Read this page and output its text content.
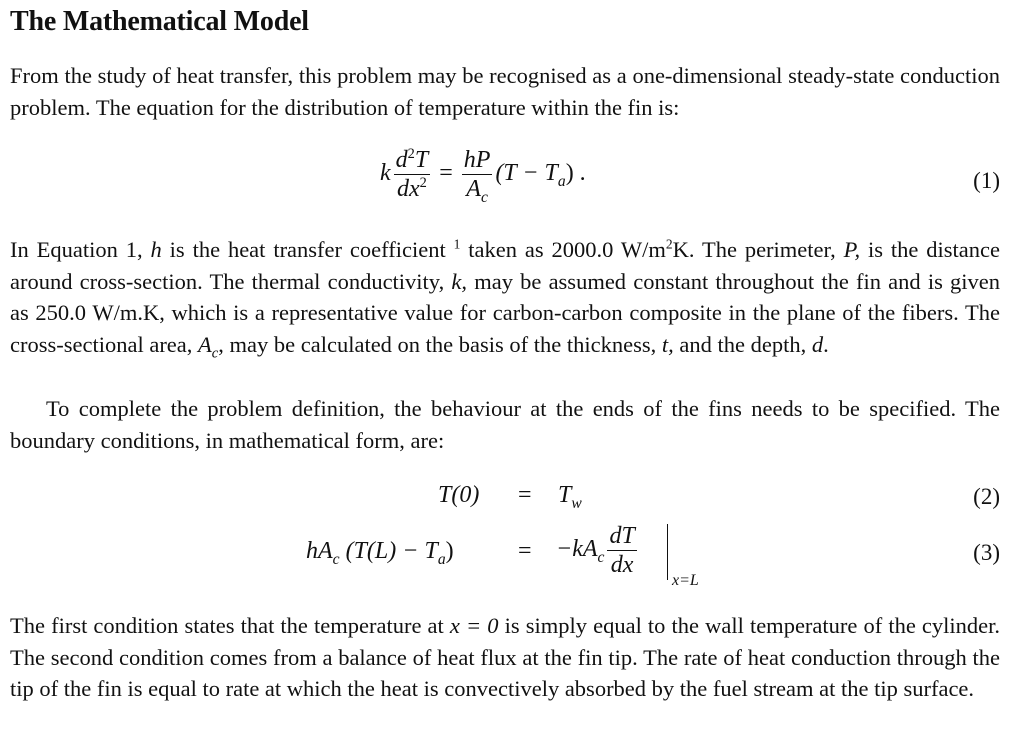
The Mathematical Model

From the study of heat transfer, this problem may be recognised as a one-dimensional steady-state conduction problem. The equation for the distribution of temperature within the fin is:

k $\frac{d^2T}{dx^2} = \frac{hP}{A_c} (T - T_a)$ .	(1)

In Equation 1, h is the heat transfer coefficient $^1$ taken as 2000.0 $W/m^2K$. The perimeter, P, is the distance around cross-section. The thermal conductivity, k, may be assumed constant throughout the fin and is given as 250.0 W/m.K, which is a representative value for carbon-carbon composite in the plane of the fibers. The cross-sectional area, $A_c$, may be calculated on the basis of the thickness, t, and the depth, d.

To complete the problem definition, the behaviour at the ends of the fins needs to be specified. The boundary conditions, in mathematical form, are:

$T(0) = T_w$	(2)
$hA_c$ $(T(L) - T_a)$	= $-kA_c \frac{dT}{dx}$
x=L
(3)

The first condition states that the temperature at x = 0 is simply equal to the wall temperature of the cylinder. The second condition comes from a balance of heat flux at the fin tip. The rate of heat conduction through the tip of the fin is equal to rate at which the heat is convectively absorbed by the fuel stream at the tip surface.
